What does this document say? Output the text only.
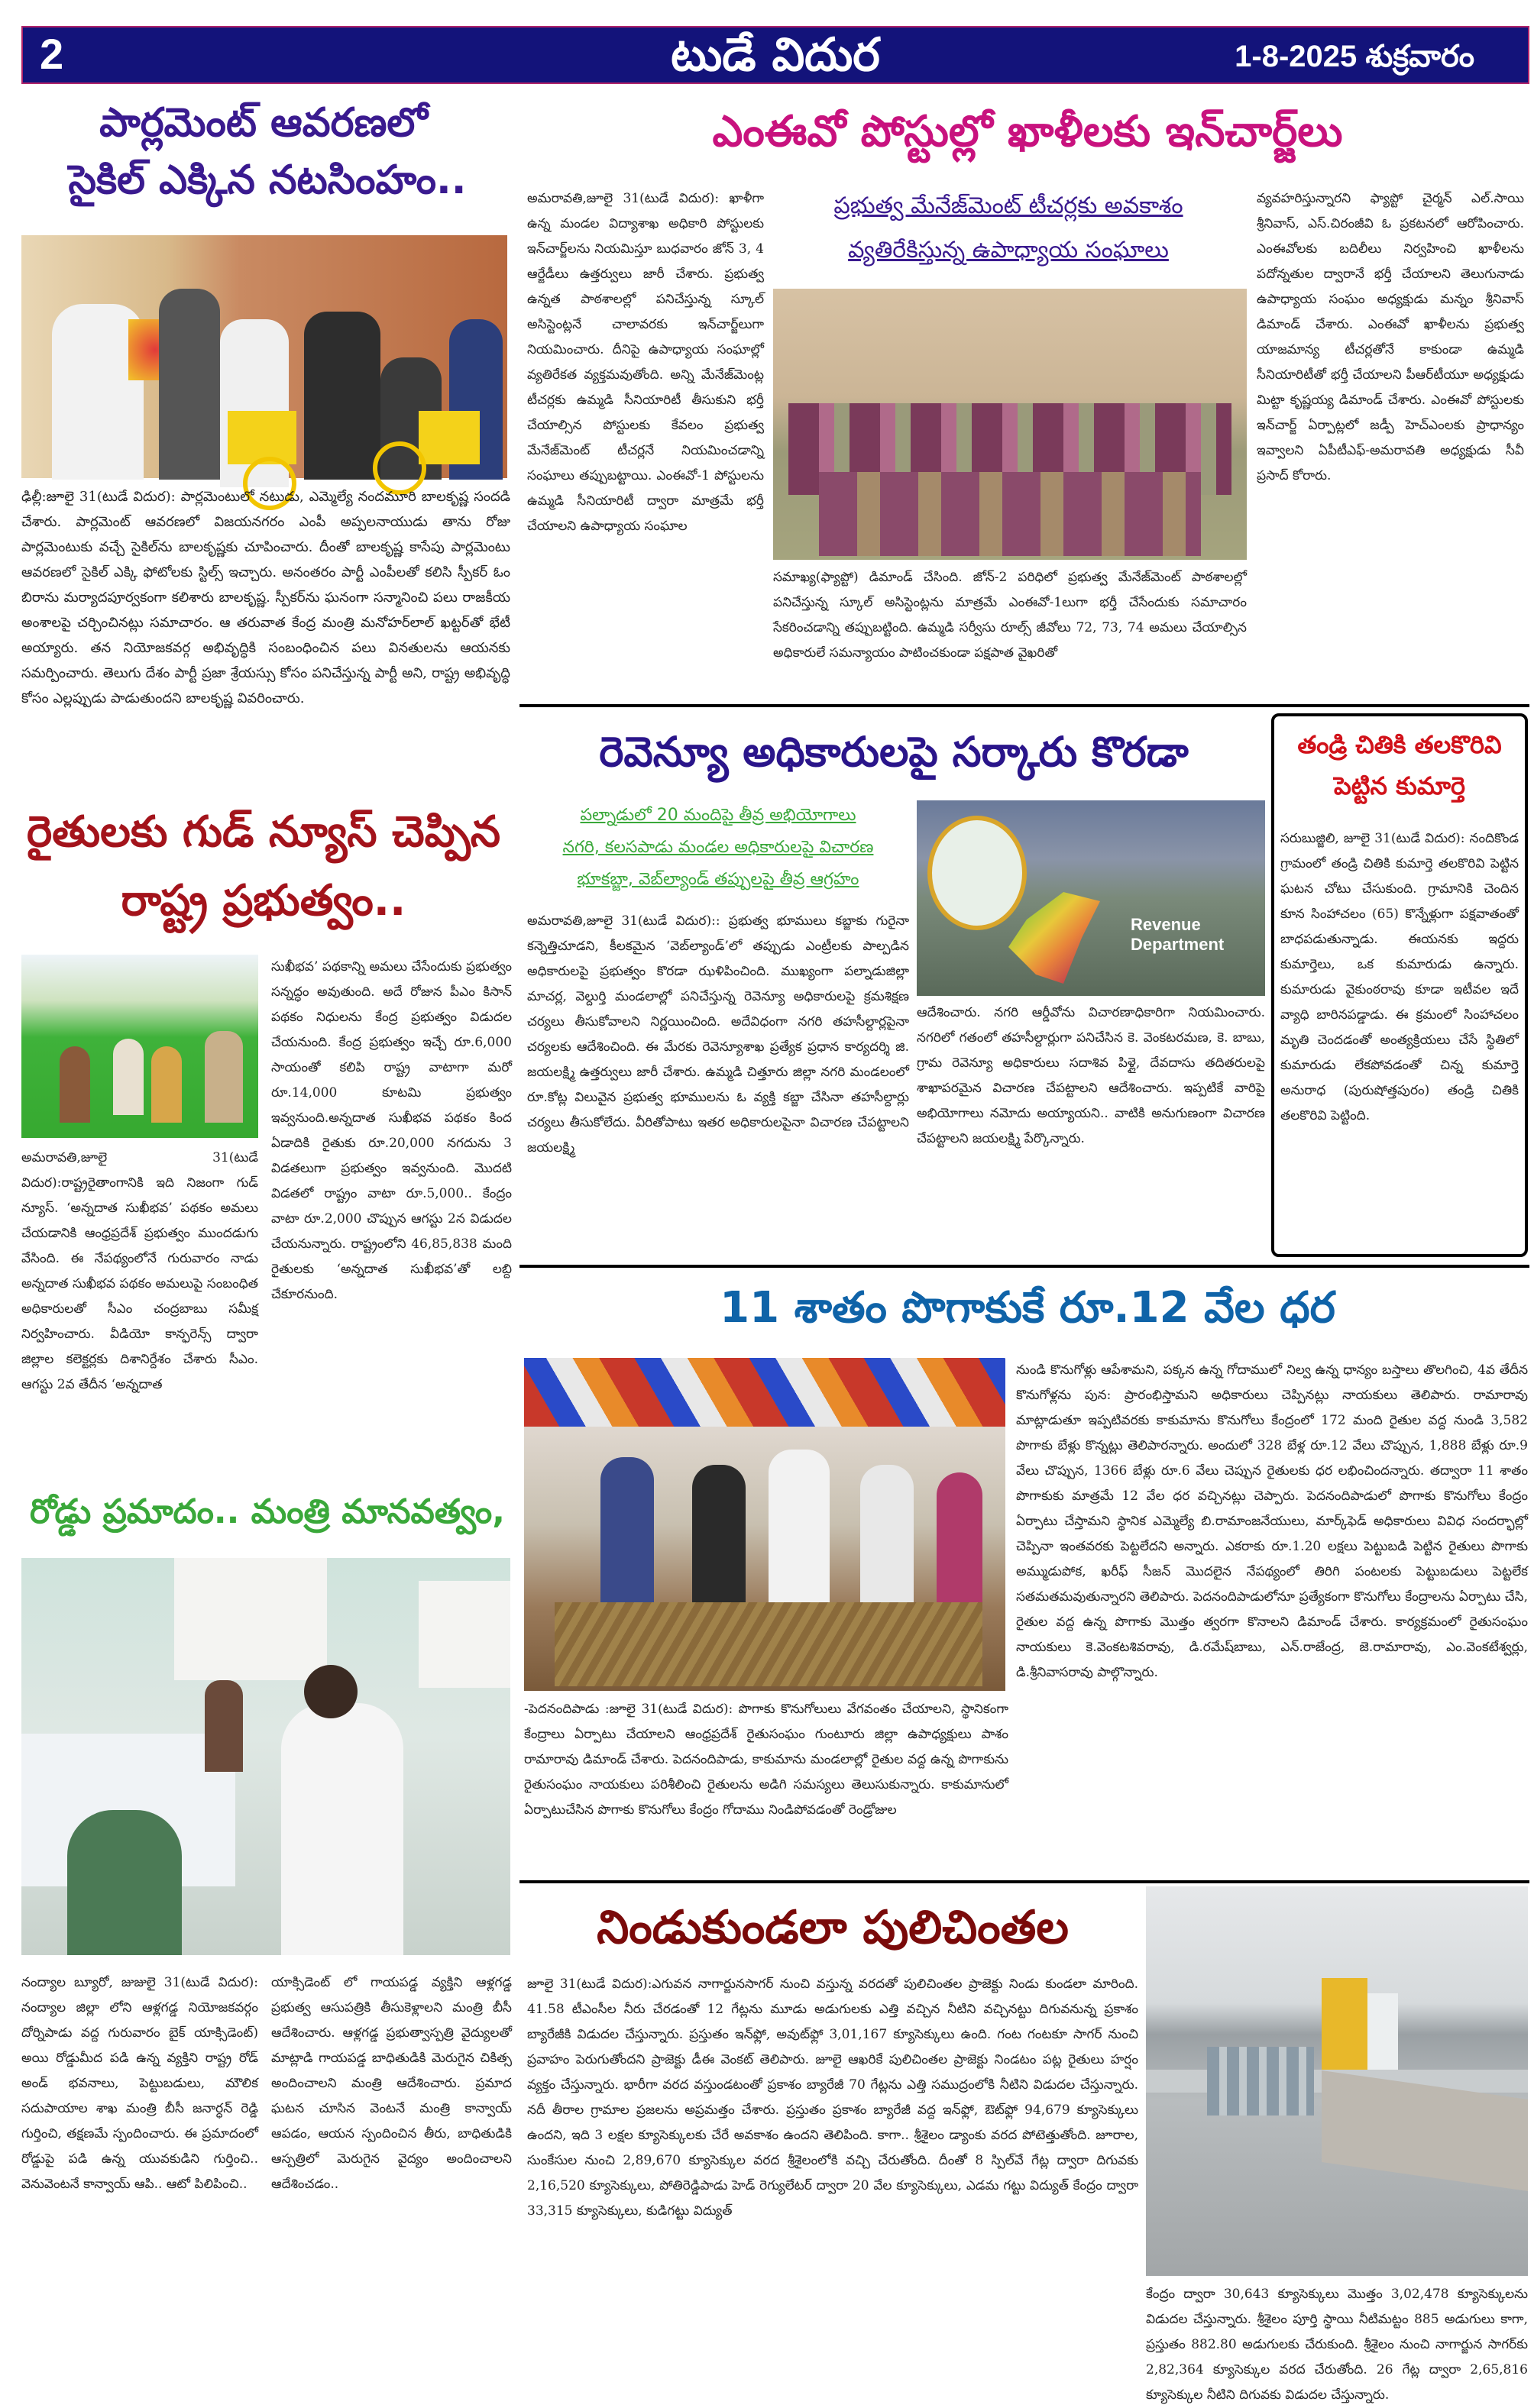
2	టుడే విదుర	1-8-2025 శుక్రవారం
పార్లమెంట్ ఆవరణలో
సైకిల్ ఎక్కిన నటసింహం..
ఢిల్లీ:జూలై 31(టుడే విదుర): పార్లమెంటులో నటుడు, ఎమ్మెల్యే నందమూరి బాలకృష్ణ సందడి చేశారు. పార్లమెంట్ ఆవరణలో విజయనగరం ఎంపీ అప్పలనాయుడు తాను రోజు పార్లమెంటుకు వచ్చే సైకిల్‌ను బాలకృష్ణకు చూపించారు. దీంతో బాలకృష్ణ కాసేపు పార్లమెంటు ఆవరణలో సైకిల్ ఎక్కి ఫోటోలకు స్టిల్స్ ఇచ్చారు. అనంతరం పార్టీ ఎంపీలతో కలిసి స్పీకర్ ఓం బిరాను మర్యాదపూర్వకంగా కలిశారు బాలకృష్ణ. స్పీకర్‌ను ఘనంగా సన్మానించి పలు రాజకీయ అంశాలపై చర్చించినట్లు సమాచారం. ఆ తరువాత కేంద్ర మంత్రి మనోహర్‌లాల్ ఖట్టర్‌తో భేటీ అయ్యారు. తన నియోజకవర్గ అభివృద్ధికి సంబంధించిన పలు వినతులను ఆయనకు సమర్పించారు. తెలుగు దేశం పార్టీ ప్రజా శ్రేయస్సు కోసం పనిచేస్తున్న పార్టీ అని, రాష్ట్ర అభివృద్ధి కోసం ఎల్లప్పుడు పాడుతుందని బాలకృష్ణ వివరించారు.
రైతులకు గుడ్ న్యూస్ చెప్పిన
రాష్ట్ర ప్రభుత్వం..
అమరావతి,జూలై 31(టుడే విదుర):రాష్ట్రరైతాంగానికి ఇది నిజంగా గుడ్ న్యూస్. ‘అన్నదాత సుఖీభవ’ పథకం అమలు చేయడానికి ఆంధ్రప్రదేశ్ ప్రభుత్వం ముందడుగు వేసింది. ఈ నేపథ్యంలోనే గురువారం నాడు అన్నదాత సుఖీభవ పథకం అమలుపై సంబంధిత అధికారులతో సీఎం చంద్రబాబు సమీక్ష నిర్వహించారు. వీడియో కాన్ఫరెన్స్ ద్వారా జిల్లాల కలెక్టర్లకు దిశానిర్దేశం చేశారు సీఎం. ఆగస్టు 2వ తేదీన ‘అన్నదాత
సుఖీభవ’ పథకాన్ని అమలు చేసేందుకు ప్రభుత్వం సన్నద్ధం అవుతుంది. అదే రోజున పీఎం కిసాన్ పథకం నిధులను కేంద్ర ప్రభుత్వం విడుదల చేయనుంది. కేంద్ర ప్రభుత్వం ఇచ్చే రూ.6,000 సాయంతో కలిపి రాష్ట్ర వాటాగా మరో రూ.14,000 కూటమి ప్రభుత్వం ఇవ్వనుంది.అన్నదాత సుఖీభవ పథకం కింద ఏడాదికి రైతుకు రూ.20,000 నగదును 3 విడతలుగా ప్రభుత్వం ఇవ్వనుంది. మొదటి విడతలో రాష్ట్రం వాటా రూ.5,000.. కేంద్రం వాటా రూ.2,000 చొప్పున ఆగస్టు 2న విడుదల చేయనున్నారు. రాష్ట్రంలోని 46,85,838 మంది రైతులకు ‘అన్నదాత సుఖీభవ’తో లబ్ది చేకూరనుంది.
రోడ్డు ప్రమాదం.. మంత్రి మానవత్వం,
నంద్యాల బ్యూరో, జుజులై 31(టుడే విదుర): నంద్యాల జిల్లా లోని ఆళ్లగడ్డ నియోజకవర్గం దోర్నిపాడు వద్ద గురువారం బైక్ యాక్సిడెంట్) అయి రోడ్డుమీద పడి ఉన్న వ్యక్తిని రాష్ట్ర రోడ్ అండ్ భవనాలు, పెట్టుబడులు, మౌలిక సదుపాయాల శాఖ మంత్రి బీసీ జనార్ధన్ రెడ్డి గుర్తించి, తక్షణమే స్పందించారు. ఈ ప్రమాదంలో రోడ్డుపై పడి ఉన్న యువకుడిని గుర్తించి.. వెనువెంటనే కాన్వాయ్ ఆపి.. ఆటో పిలిపించి..
యాక్సిడెంట్ లో గాయపడ్డ వ్యక్తిని ఆళ్లగడ్డ ప్రభుత్వ ఆసుపత్రికి తీసుకెళ్లాలని మంత్రి బీసీ ఆదేశించారు. ఆళ్లగడ్డ ప్రభుత్వాస్పత్రి వైద్యులతో మాట్లాడి గాయపడ్డ బాధితుడికి మెరుగైన చికిత్స అందించాలని మంత్రి ఆదేశించారు. ప్రమాద ఘటన చూసిన వెంటనే మంత్రి కాన్వాయ్ ఆపడం, ఆయన స్పందించిన తీరు, బాధితుడికి ఆస్పత్రిలో మెరుగైన వైద్యం అందించాలని ఆదేశించడం..
ఎంఈవో పోస్టుల్లో ఖాళీలకు ఇన్‌చార్జ్‌లు
అమరావతి,జూలై 31(టుడే విదుర): ఖాళీగా ఉన్న మండల విద్యాశాఖ అధికారి పోస్టులకు ఇన్‌చార్జ్‌లను నియమిస్తూ బుధవారం జోన్ 3, 4 ఆర్జేడీలు ఉత్తర్వులు జారీ చేశారు. ప్రభుత్వ ఉన్నత పాఠశాలల్లో పనిచేస్తున్న స్కూల్ అసిస్టెంట్లనే చాలావరకు ఇన్‌చార్జ్‌లుగా నియమించారు. దీనిపై ఉపాధ్యాయ సంఘాల్లో వ్యతిరేకత వ్యక్తమవుతోంది. అన్ని మేనేజ్‌మెంట్ల టీచర్లకు ఉమ్మడి సీనియారిటీ తీసుకుని భర్తీ చేయాల్సిన పోస్టులకు కేవలం ప్రభుత్వ మేనేజ్‌మెంట్ టీచర్లనే నియమించడాన్ని సంఘాలు తప్పుబట్టాయి. ఎంఈవో-1 పోస్టులను ఉమ్మడి సీనియారిటీ ద్వారా మాత్రమే భర్తీ చేయాలని ఉపాధ్యాయ సంఘాల
ప్రభుత్వ మేనేజ్‌మెంట్ టీచర్లకు అవకాశం
వ్యతిరేకిస్తున్న ఉపాధ్యాయ సంఘాలు
సమాఖ్య(ఫ్యాప్టో) డిమాండ్ చేసింది. జోన్-2 పరిధిలో ప్రభుత్వ మేనేజ్‌మెంట్ పాఠశాలల్లో పనిచేస్తున్న స్కూల్ అసిస్టెంట్లను మాత్రమే ఎంఈవో-1లుగా భర్తీ చేసేందుకు సమాచారం సేకరించడాన్ని తప్పుబట్టింది. ఉమ్మడి సర్వీసు రూల్స్ జీవోలు 72, 73, 74 అమలు చేయాల్సిన అధికారులే సమన్యాయం పాటించకుండా పక్షపాత వైఖరితో
వ్యవహరిస్తున్నారని ఫ్యాప్టో చైర్మన్ ఎల్.సాయి శ్రీనివాస్, ఎస్.చిరంజీవి ఓ ప్రకటనలో ఆరోపించారు. ఎంఈవోలకు బదిలీలు నిర్వహించి ఖాళీలను పదోన్నతుల ద్వారానే భర్తీ చేయాలని తెలుగునాడు ఉపాధ్యాయ సంఘం అధ్యక్షుడు మన్నం శ్రీనివాస్ డిమాండ్ చేశారు. ఎంఈవో ఖాళీలను ప్రభుత్వ యాజమాన్య టీచర్లతోనే కాకుండా ఉమ్మడి సీనియారిటీతో భర్తీ చేయాలని పీఆర్‌టీయూ అధ్యక్షుడు మిట్టా కృష్ణయ్య డిమాండ్ చేశారు. ఎంఈవో పోస్టులకు ఇన్‌చార్జ్ ఏర్పాట్లలో జడ్పీ హెచ్‌ఎంలకు ప్రాధాన్యం ఇవ్వాలని ఏపీటీఎఫ్-అమరావతి అధ్యక్షుడు సీవీ ప్రసాద్ కోరారు.
రెవెన్యూ అధికారులపై సర్కారు కొరడా
పల్నాడులో 20 మందిపై తీవ్ర అభియోగాలు
నగరి, కలసపాడు మండల అధికారులపై విచారణ
భూకబ్జా, వెబ్‌ల్యాండ్ తప్పులపై తీవ్ర ఆగ్రహం
Revenue Department
అమరావతి,జూలై 31(టుడే విదుర):: ప్రభుత్వ భూములు కబ్జాకు గురైనా కన్నెత్తిచూడని, కీలకమైన ‘వెబ్‌ల్యాండ్’లో తప్పుడు ఎంట్రీలకు పాల్పడిన అధికారులపై ప్రభుత్వం కొరడా ఝళిపించింది. ముఖ్యంగా పల్నాడుజిల్లా మాచర్ల, వెల్దుర్తి మండలాల్లో పనిచేస్తున్న రెవెన్యూ అధికారులపై క్రమశిక్షణ చర్యలు తీసుకోవాలని నిర్ణయించింది. అదేవిధంగా నగరి తహసీల్దార్లపైనా చర్యలకు ఆదేశించింది. ఈ మేరకు రెవెన్యూశాఖ ప్రత్యేక ప్రధాన కార్యదర్శి జి. జయలక్ష్మి ఉత్తర్వులు జారీ చేశారు. ఉమ్మడి చిత్తూరు జిల్లా నగరి మండలంలో రూ.కోట్ల విలువైన ప్రభుత్వ భూములను ఓ వ్యక్తి కబ్జా చేసినా తహసీల్దార్లు చర్యలు తీసుకోలేదు. వీరితోపాటు ఇతర అధికారులపైనా విచారణ చేపట్టాలని జయలక్ష్మి
ఆదేశించారు. నగరి ఆర్డీవోను విచారణాధికారిగా నియమించారు. నగరిలో గతంలో తహసీల్దార్లుగా పనిచేసిన కె. వెంకటరమణ, కె. బాబు, గ్రామ రెవెన్యూ అధికారులు సదాశివ పిళ్లై, దేవదాసు తదితరులపై శాఖాపరమైన విచారణ చేపట్టాలని ఆదేశించారు. ఇప్పటికే వారిపై అభియోగాలు నమోదు అయ్యాయని.. వాటికి అనుగుణంగా విచారణ చేపట్టాలని జయలక్ష్మి పేర్కొన్నారు.
తండ్రి చితికి తలకొరివి
పెట్టిన కుమార్తె
సరుబుజ్జిలి, జూలై 31(టుడే విదుర): నందికొండ గ్రామంలో తండ్రి చితికి కుమార్తె తలకొరివి పెట్టిన ఘటన చోటు చేసుకుంది. గ్రామానికి చెందిన కూన సింహాచలం (65) కొన్నేళ్లుగా పక్షవాతంతో బాధపడుతున్నాడు. ఈయనకు ఇద్దరు కుమార్తెలు, ఒక కుమారుడు ఉన్నారు. కుమారుడు వైకుంఠరావు కూడా ఇటీవల ఇదే వ్యాధి బారినపడ్డాడు. ఈ క్రమంలో సింహాచలం మృతి చెందడంతో అంత్యక్రియలు చేసే స్థితిలో కుమారుడు లేకపోవడంతో చిన్న కుమార్తె అనురాధ (పురుషోత్తపురం) తండ్రి చితికి తలకొరివి పెట్టింది.
11 శాతం పొగాకుకే రూ.12 వేల ధర
నుండి కొనుగోళ్లు ఆపేశామని, పక్కన ఉన్న గోదాములో నిల్వ ఉన్న ధాన్యం బస్తాలు తొలగించి, 4వ తేదీన కొనుగోళ్లను పున: ప్రారంభిస్తామని అధికారులు చెప్పినట్లు నాయకులు తెలిపారు. రామారావు మాట్లాడుతూ ఇప్పటివరకు కాకుమాను కొనుగోలు కేంద్రంలో 172 మంది రైతుల వద్ద నుండి 3,582 పొగాకు బేళ్లు కొన్నట్లు తెలిపారన్నారు. అందులో 328 బేళ్ల రూ.12 వేలు చొప్పున, 1,888 బేళ్లు రూ.9 వేలు చొప్పున, 1366 బేళ్లు రూ.6 వేలు చెప్పున రైతులకు ధర లభించిందన్నారు. తద్వారా 11 శాతం పొగాకుకు మాత్రమే 12 వేల ధర వచ్చినట్లు చెప్పారు. పెదనందిపాడులో పొగాకు కొనుగోలు కేంద్రం ఏర్పాటు చేస్తామని స్థానిక ఎమ్మెల్యే బి.రామాంజనేయులు, మార్క్‌ఫెడ్ అధికారులు వివిధ సందర్భాల్లో చెప్పినా ఇంతవరకు పెట్టలేదని అన్నారు. ఎకరాకు రూ.1.20 లక్షలు పెట్టుబడి పెట్టిన రైతులు పొగాకు అమ్ముడుపోక, ఖరీఫ్ సీజన్ మొదలైన నేపథ్యంలో తిరిగి పంటలకు పెట్టుబడులు పెట్టలేక సతమతమవుతున్నారని తెలిపారు. పెదనందిపాడులోనూ ప్రత్యేకంగా కొనుగోలు కేంద్రాలను ఏర్పాటు చేసి, రైతుల వద్ద ఉన్న పొగాకు మొత్తం త్వరగా కొనాలని డిమాండ్ చేశారు. కార్యక్రమంలో రైతుసంఘం నాయకులు కె.వెంకటశివరావు, డి.రమేష్‌బాబు, ఎన్.రాజేంద్ర, జె.రామారావు, ఎం.వెంకటేశ్వర్లు, డి.శ్రీనివాసరావు పాల్గొన్నారు.
-పెదనందిపాడు :జూలై 31(టుడే విదుర): పొగాకు కొనుగోలులు వేగవంతం చేయాలని, స్థానికంగా కేంద్రాలు ఏర్పాటు చేయాలని ఆంధ్రప్రదేశ్ రైతుసంఘం గుంటూరు జిల్లా ఉపాధ్యక్షులు పాశం రామారావు డిమాండ్ చేశారు. పెదనందిపాడు, కాకుమాను మండలాల్లో రైతుల వద్ద ఉన్న పొగాకును రైతుసంఘం నాయకులు పరిశీలించి రైతులను అడిగి సమస్యలు తెలుసుకున్నారు. కాకుమానులో ఏర్పాటుచేసిన పొగాకు కొనుగోలు కేంద్రం గోదాము నిండిపోవడంతో రెండ్రోజుల
నిండుకుండలా పులిచింతల
జూలై 31(టుడే విదుర):ఎగువన నాగార్జునసాగర్ నుంచి వస్తున్న వరదతో పులిచింతల ప్రాజెక్టు నిండు కుండలా మారింది. 41.58 టీఎంసీల నీరు చేరడంతో 12 గేట్లను మూడు అడుగులకు ఎత్తి వచ్చిన నీటిని వచ్చినట్టు దిగువనున్న ప్రకాశం బ్యారేజీకి విడుదల చేస్తున్నారు. ప్రస్తుతం ఇన్‌ఫ్లో, అవుట్‌ఫ్లో 3,01,167 క్యూసెక్కులు ఉంది. గంట గంటకూ సాగర్ నుంచి ప్రవాహం పెరుగుతోందని ప్రాజెక్టు డీఈ వెంకట్ తెలిపారు. జూలై ఆఖరికే పులిచింతల ప్రాజెక్టు నిండటం పట్ల రైతులు హర్షం వ్యక్తం చేస్తున్నారు. భారీగా వరద వస్తుండటంతో ప్రకాశం బ్యారేజీ 70 గేట్లను ఎత్తి సముద్రంలోకి నీటిని విడుదల చేస్తున్నారు. నదీ తీరాల గ్రామాల ప్రజలను అప్రమత్తం చేశారు. ప్రస్తుతం ప్రకాశం బ్యారేజీ వద్ద ఇన్‌ఫ్లో, ఔట్‌ఫ్లో 94,679 క్యూసెక్కులు ఉందని, ఇది 3 లక్షల క్యూసెక్కులకు చేరే అవకాశం ఉందని తెలిపింది. కాగా.. శ్రీశైలం డ్యాంకు వరద పోటెత్తుతోంది. జూరాల, సుంకేసుల నుంచి 2,89,670 క్యూసెక్కుల వరద శ్రీశైలంలోకి వచ్చి చేరుతోంది. దీంతో 8 స్పిల్‌వే గేట్ల ద్వారా దిగువకు 2,16,520 క్యూసెక్కులు, పోతిరెడ్డిపాడు హెడ్ రెగ్యులేటర్ ద్వారా 20 వేల క్యూసెక్కులు, ఎడమ గట్టు విద్యుత్ కేంద్రం ద్వారా 33,315 క్యూసెక్కులు, కుడిగట్టు విద్యుత్
కేంద్రం ద్వారా 30,643 క్యూసెక్కులు మొత్తం 3,02,478 క్యూసెక్కులను విడుదల చేస్తున్నారు. శ్రీశైలం పూర్తి స్థాయి నీటిమట్టం 885 అడుగులు కాగా, ప్రస్తుతం 882.80 అడుగులకు చేరుకుంది. శ్రీశైలం నుంచి నాగార్జున సాగర్‌కు 2,82,364 క్యూసెక్కుల వరద చేరుతోంది. 26 గేట్ల ద్వారా 2,65,816 క్యూసెక్కుల నీటిని దిగువకు విడుదల చేస్తున్నారు.
